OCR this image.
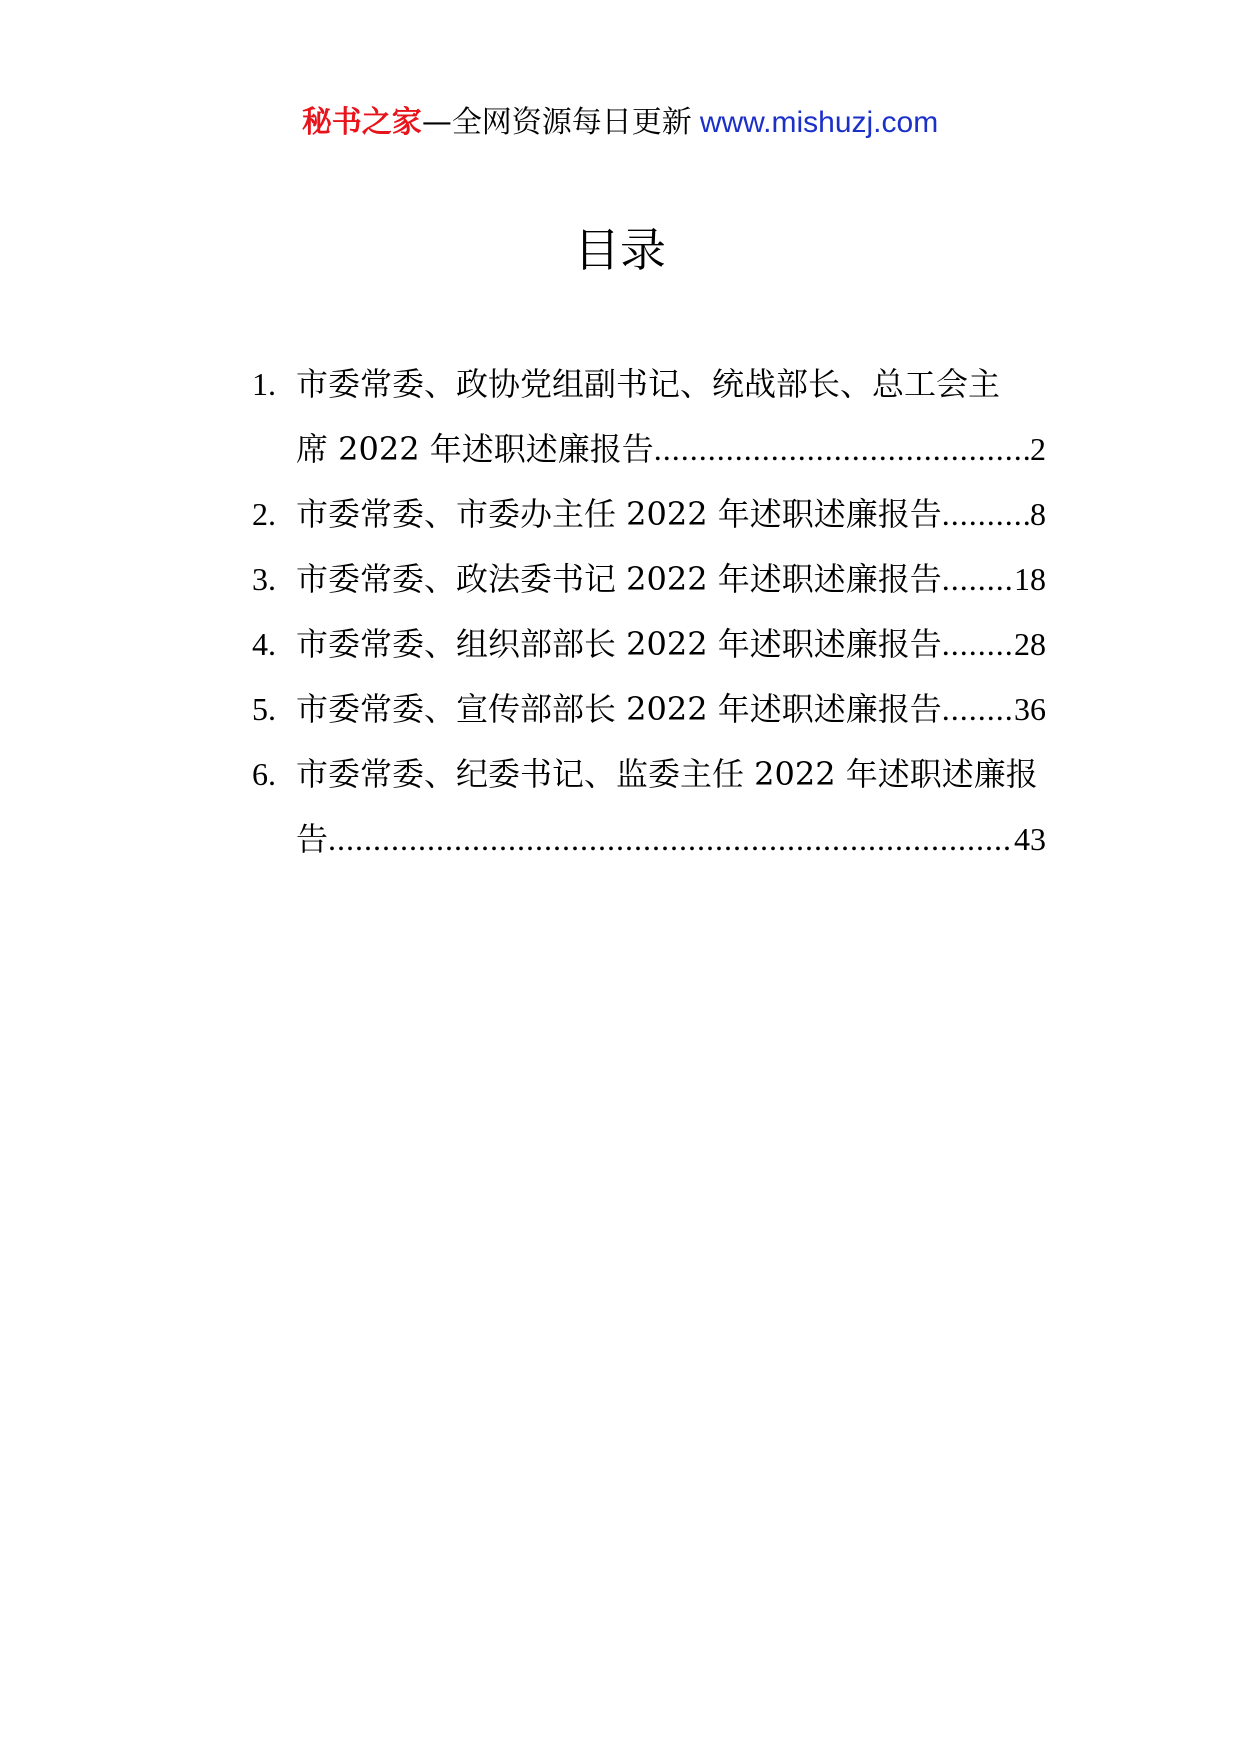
秘书之家—全网资源每日更新 www.mishuzj.com
目录
1. 市委常委、政协党组副书记、统战部长、总工会主
席 2022 年述职述廉报告 .....	2
2. 市委常委、市委办主任 2022 年述职述廉报告 .....	8
3. 市委常委、政法委书记 2022 年述职述廉报告 ..... 18
4. 市委常委、组织部部长 2022 年述职述廉报告 ..... 28
5. 市委常委、宣传部部长 2022 年述职述廉报告 ..... 36
6. 市委常委、纪委书记、监委主任 2022 年述职述廉报
告 .....	43
